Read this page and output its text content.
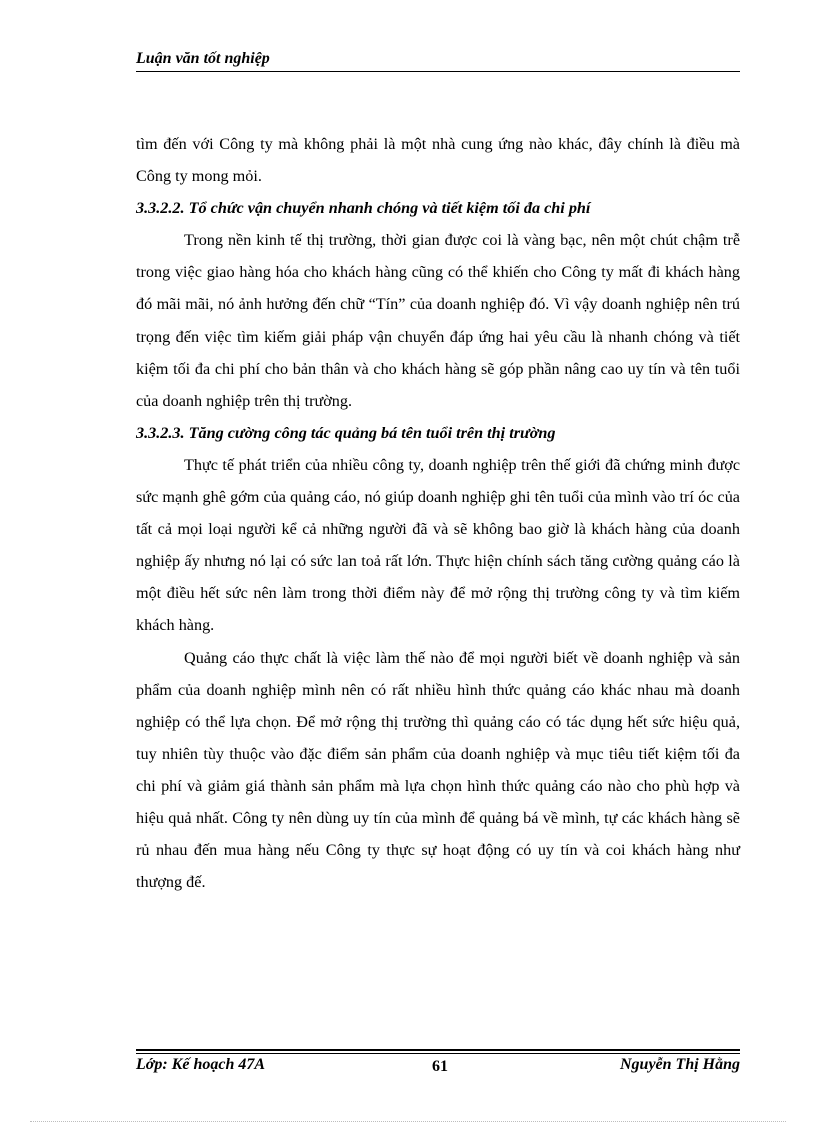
Luận văn tốt nghiệp

tìm đến với Công ty mà không phải là một nhà cung ứng nào khác, đây chính là điều mà Công ty mong mỏi.

3.3.2.2. Tổ chức vận chuyển nhanh chóng và tiết kiệm tối đa chi phí

Trong nền kinh tế thị trường, thời gian được coi là vàng bạc, nên một chút chậm trễ trong việc giao hàng hóa cho khách hàng cũng có thể khiến cho Công ty mất đi khách hàng đó mãi mãi, nó ảnh hưởng đến chữ “Tín” của doanh nghiệp đó. Vì vậy doanh nghiệp nên trú trọng đến việc tìm kiếm giải pháp vận chuyển đáp ứng hai yêu cầu là nhanh chóng và tiết kiệm tối đa chi phí cho bản thân và cho khách hàng sẽ góp phần nâng cao uy tín và tên tuổi của doanh nghiệp trên thị trường.

3.3.2.3. Tăng cường công tác quảng bá tên tuổi trên thị trường

Thực tế phát triển của nhiều công ty, doanh nghiệp trên thế giới đã chứng minh được sức mạnh ghê gớm của quảng cáo, nó giúp doanh nghiệp ghi tên tuổi của mình vào trí óc của tất cả mọi loại người kể cả những người đã và sẽ không bao giờ là khách hàng của doanh nghiệp ấy nhưng nó lại có sức lan toả rất lớn. Thực hiện chính sách tăng cường quảng cáo là một điều hết sức nên làm trong thời điểm này để mở rộng thị trường công ty và tìm kiếm khách hàng.

Quảng cáo thực chất là việc làm thế nào để mọi người biết về doanh nghiệp và sản phẩm của doanh nghiệp mình nên có rất nhiều hình thức quảng cáo khác nhau mà doanh nghiệp có thể lựa chọn. Để mở rộng thị trường thì quảng cáo có tác dụng hết sức hiệu quả, tuy nhiên tùy thuộc vào đặc điểm sản phẩm của doanh nghiệp và mục tiêu tiết kiệm tối đa chi phí và giảm giá thành sản phẩm mà lựa chọn hình thức quảng cáo nào cho phù hợp và hiệu quả nhất. Công ty nên dùng uy tín của mình để quảng bá về mình, tự các khách hàng sẽ rủ nhau đến mua hàng nếu Công ty thực sự hoạt động có uy tín và coi khách hàng như thượng đế.

Lớp: Kế hoạch 47A	61	Nguyễn Thị Hằng
